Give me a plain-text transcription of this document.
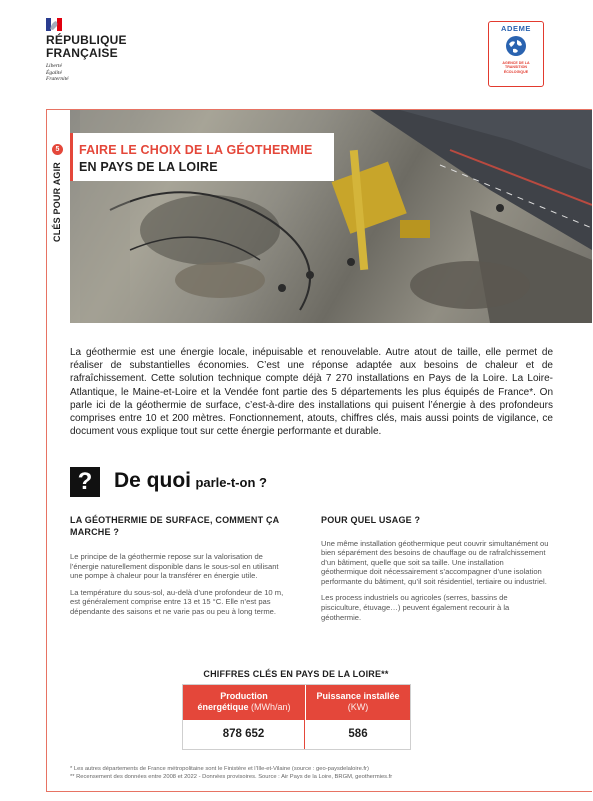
RÉPUBLIQUE
FRANÇAISE
Liberté
Égalité
Fraternité
ADEME
AGENCE DE LA
TRANSITION
ÉCOLOGIQUE
5
CLÉS POUR AGIR
FAIRE LE CHOIX DE LA GÉOTHERMIE
EN PAYS DE LA LOIRE
La géothermie est une énergie locale, inépuisable et renouvelable. Autre atout de taille, elle permet de réaliser de substantielles économies. C’est une réponse adaptée aux besoins de chaleur et de rafraîchissement. Cette solution technique compte déjà 7 270 installations en Pays de la Loire. La Loire-Atlantique, le Maine-et-Loire et la Vendée font partie des 5 départements les plus équipés de France*. On parle ici de la géothermie de surface, c’est-à-dire des installations qui puisent l’énergie à des profondeurs comprises entre 10 et 200 mètres. Fonctionnement, atouts, chiffres clés, mais aussi points de vigilance, ce document vous explique tout sur cette énergie performante et durable.
?	De quoi parle-t-on ?
LA GÉOTHERMIE DE SURFACE, COMMENT ÇA MARCHE ?

Le principe de la géothermie repose sur la valorisation de l’énergie naturellement disponible dans le sous-sol en utilisant une pompe à chaleur pour la transférer en énergie utile.

La température du sous-sol, au-delà d’une profondeur de 10 m, est généralement comprise entre 13 et 15 °C. Elle n’est pas dépendante des saisons et ne varie pas ou peu à long terme.

POUR QUEL USAGE ?

Une même installation géothermique peut couvrir simultanément ou bien séparément des besoins de chauffage ou de rafraîchissement d’un bâtiment, quelle que soit sa taille. Une installation géothermique doit nécessairement s’accompagner d’une isolation performante du bâtiment, qu’il soit résidentiel, tertiaire ou industriel.

Les process industriels ou agricoles (serres, bassins de pisciculture, étuvage…) peuvent également recourir à la géothermie.

CHIFFRES CLÉS EN PAYS DE LA LOIRE**
Production
énergétique (MWh/an)
Puissance installée
(KW)
878 652	586
* Les autres départements de France métropolitaine sont le Finistère et l’Ille-et-Vilaine (source : geo-paysdelaloire.fr)
** Recensement des données entre 2008 et 2022 - Données provisoires. Source : Air Pays de la Loire, BRGM, geothermies.fr
